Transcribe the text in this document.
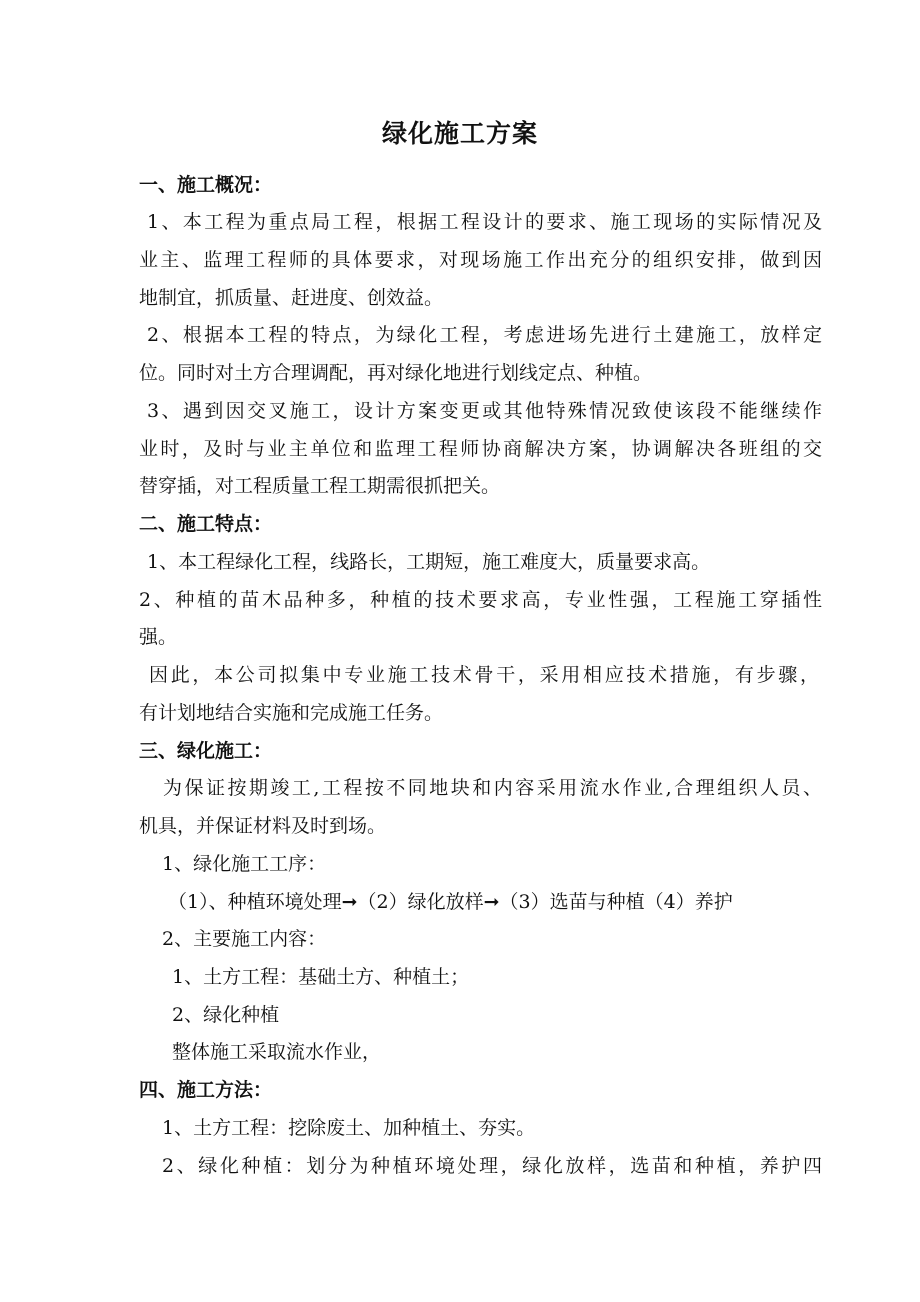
绿化施工方案
一、施工概况：
1、本工程为重点局工程，根据工程设计的要求、施工现场的实际情况及
业主、监理工程师的具体要求，对现场施工作出充分的组织安排，做到因
地制宜，抓质量、赶进度、创效益。
2、根据本工程的特点，为绿化工程，考虑进场先进行土建施工，放样定
位。同时对土方合理调配，再对绿化地进行划线定点、种植。
3、遇到因交叉施工，设计方案变更或其他特殊情况致使该段不能继续作
业时，及时与业主单位和监理工程师协商解决方案，协调解决各班组的交
替穿插，对工程质量工程工期需很抓把关。
二、施工特点：
1、本工程绿化工程，线路长，工期短，施工难度大，质量要求高。
2、种植的苗木品种多，种植的技术要求高，专业性强，工程施工穿插性
强。
因此，本公司拟集中专业施工技术骨干，采用相应技术措施，有步骤，
有计划地结合实施和完成施工任务。
三、绿化施工：
为保证按期竣工,工程按不同地块和内容采用流水作业,合理组织人员、
机具，并保证材料及时到场。
1、绿化施工工序：
（1）、种植环境处理➞（2）绿化放样➞（3）选苗与种植（4）养护
2、主要施工内容：
1、土方工程：基础土方、种植土；
2、绿化种植
整体施工采取流水作业，
四、施工方法：
1、土方工程：挖除废土、加种植土、夯实。
2、绿化种植：划分为种植环境处理，绿化放样，选苗和种植，养护四
